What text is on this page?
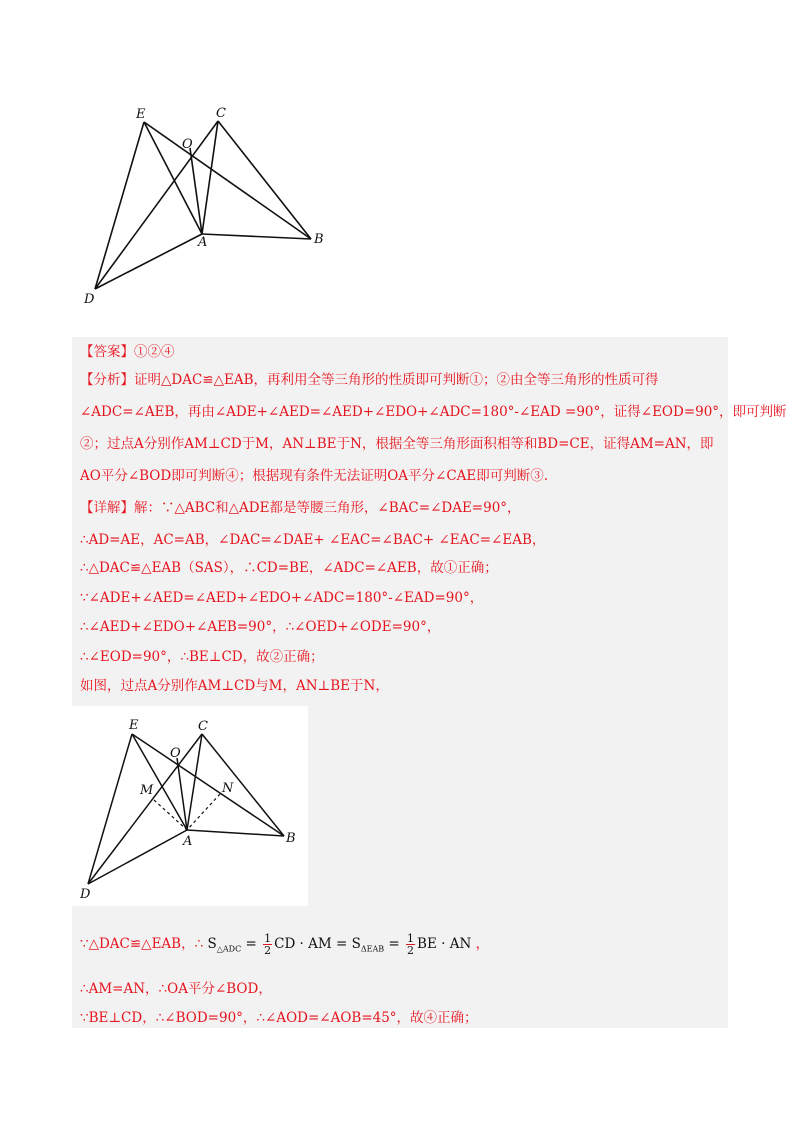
E	C
O
A	B
D
【答案】①②④
【分析】证明△DAC≌△EAB，再利用全等三角形的性质即可判断①；②由全等三角形的性质可得
∠ADC=∠AEB，再由∠ADE+∠AED=∠AED+∠EDO+∠ADC=180°-∠EAD =90°，证得∠EOD=90°，即可判断
②；过点A分别作AM⊥CD于M，AN⊥BE于N，根据全等三角形面积相等和BD=CE，证得AM=AN，即
AO平分∠BOD即可判断④；根据现有条件无法证明OA平分∠CAE即可判断③.
【详解】解：∵△ABC和△ADE都是等腰三角形，∠BAC=∠DAE=90°，
∴AD=AE，AC=AB，∠DAC=∠DAE+ ∠EAC=∠BAC+ ∠EAC=∠EAB，
∴△DAC≌△EAB（SAS），∴CD=BE，∠ADC=∠AEB，故①正确；
∵∠ADE+∠AED=∠AED+∠EDO+∠ADC=180°-∠EAD=90°，
∴∠AED+∠EDO+∠AEB=90°，∴∠OED+∠ODE=90°，
∴∠EOD=90°，∴BE⊥CD，故②正确；
如图，过点A分别作AM⊥CD与M，AN⊥BE于N，
E	C
O
M	N
A	B
D
∵△DAC≌△EAB，∴ $S_{\triangle ADC} = \frac{1}{2}$ CD · AM = $S_{\Delta EAB} = \frac{1}{2}$ BE · AN ，
∴AM=AN，∴OA平分∠BOD，
∵BE⊥CD，∴∠BOD=90°，∴∠AOD=∠AOB=45°，故④正确；
